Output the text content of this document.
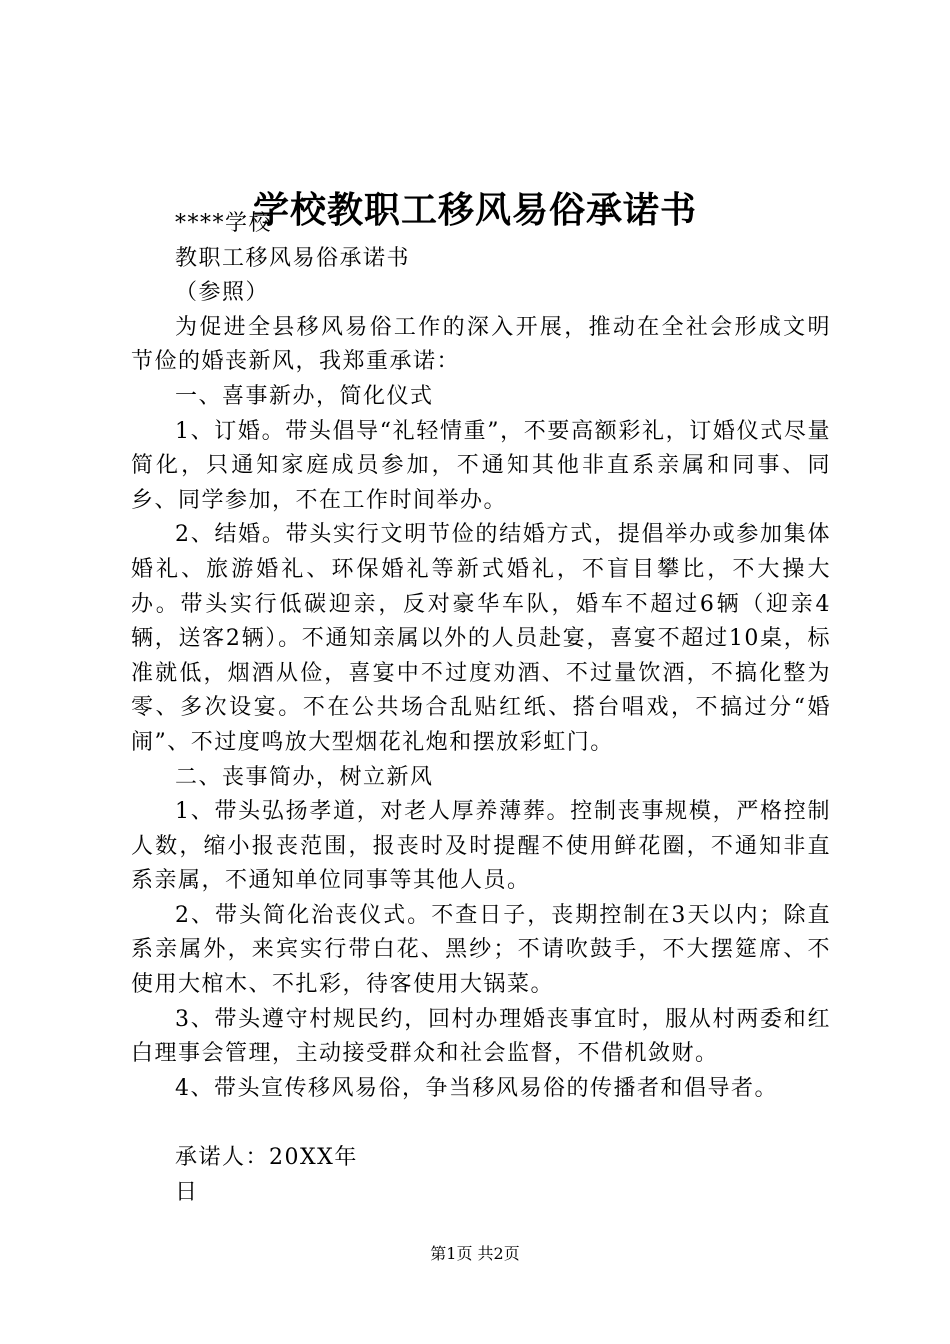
学校教职工移风易俗承诺书

****学校

教职工移风易俗承诺书

（参照）

为促进全县移风易俗工作的深入开展，推动在全社会形成文明节俭的婚丧新风，我郑重承诺：

一、喜事新办，简化仪式

1、订婚。带头倡导“礼轻情重”，不要高额彩礼，订婚仪式尽量简化，只通知家庭成员参加，不通知其他非直系亲属和同事、同乡、同学参加，不在工作时间举办。

2、结婚。带头实行文明节俭的结婚方式，提倡举办或参加集体婚礼、旅游婚礼、环保婚礼等新式婚礼，不盲目攀比，不大操大办。带头实行低碳迎亲，反对豪华车队，婚车不超过6辆（迎亲4辆，送客2辆）。不通知亲属以外的人员赴宴，喜宴不超过10桌，标准就低，烟酒从俭，喜宴中不过度劝酒、不过量饮酒，不搞化整为零、多次设宴。不在公共场合乱贴红纸、搭台唱戏，不搞过分“婚闹”、不过度鸣放大型烟花礼炮和摆放彩虹门。

二、丧事简办，树立新风

1、带头弘扬孝道，对老人厚养薄葬。控制丧事规模，严格控制人数，缩小报丧范围，报丧时及时提醒不使用鲜花圈，不通知非直系亲属，不通知单位同事等其他人员。

2、带头简化治丧仪式。不查日子，丧期控制在3天以内；除直系亲属外，来宾实行带白花、黑纱；不请吹鼓手，不大摆筵席、不使用大棺木、不扎彩，待客使用大锅菜。

3、带头遵守村规民约，回村办理婚丧事宜时，服从村两委和红白理事会管理，主动接受群众和社会监督，不借机敛财。

4、带头宣传移风易俗，争当移风易俗的传播者和倡导者。

承诺人：20XX年

日

第1页 共2页
